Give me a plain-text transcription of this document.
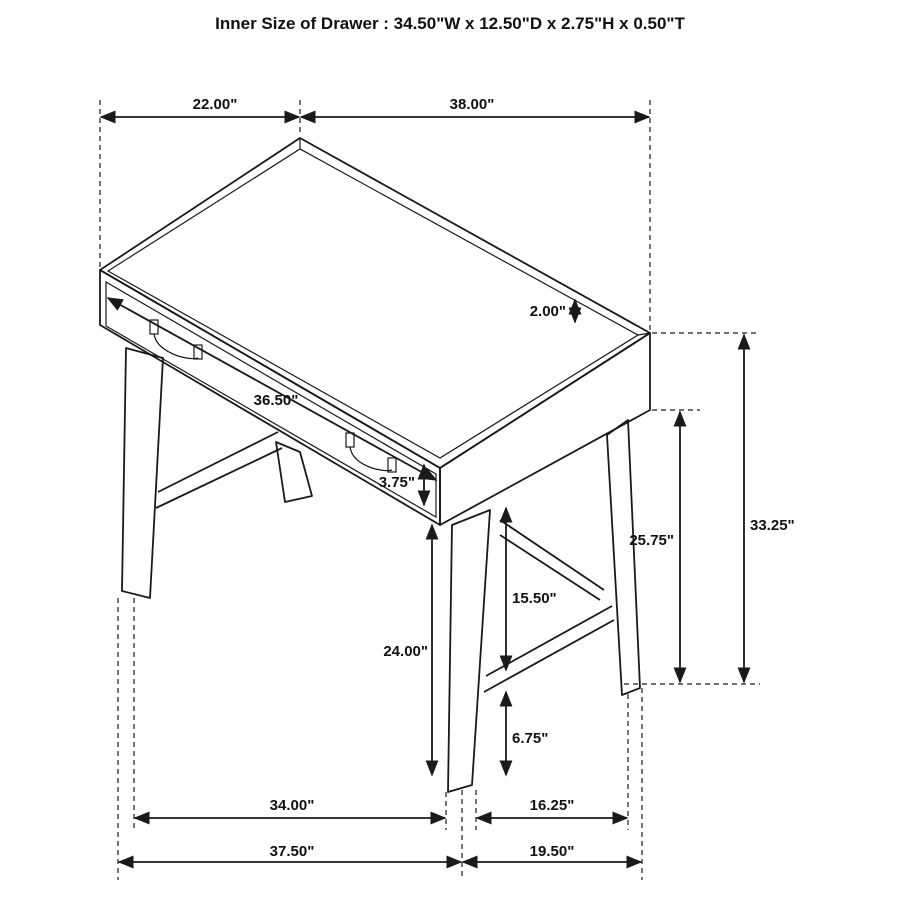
Inner Size of Drawer : 34.50"W x 12.50"D x 2.75"H x 0.50"T
22.00"	38.00"
2.00"
36.50"
3.75"
33.25"
25.75"
24.00"
15.50"
6.75"
34.00"	16.25"
37.50"	19.50"
